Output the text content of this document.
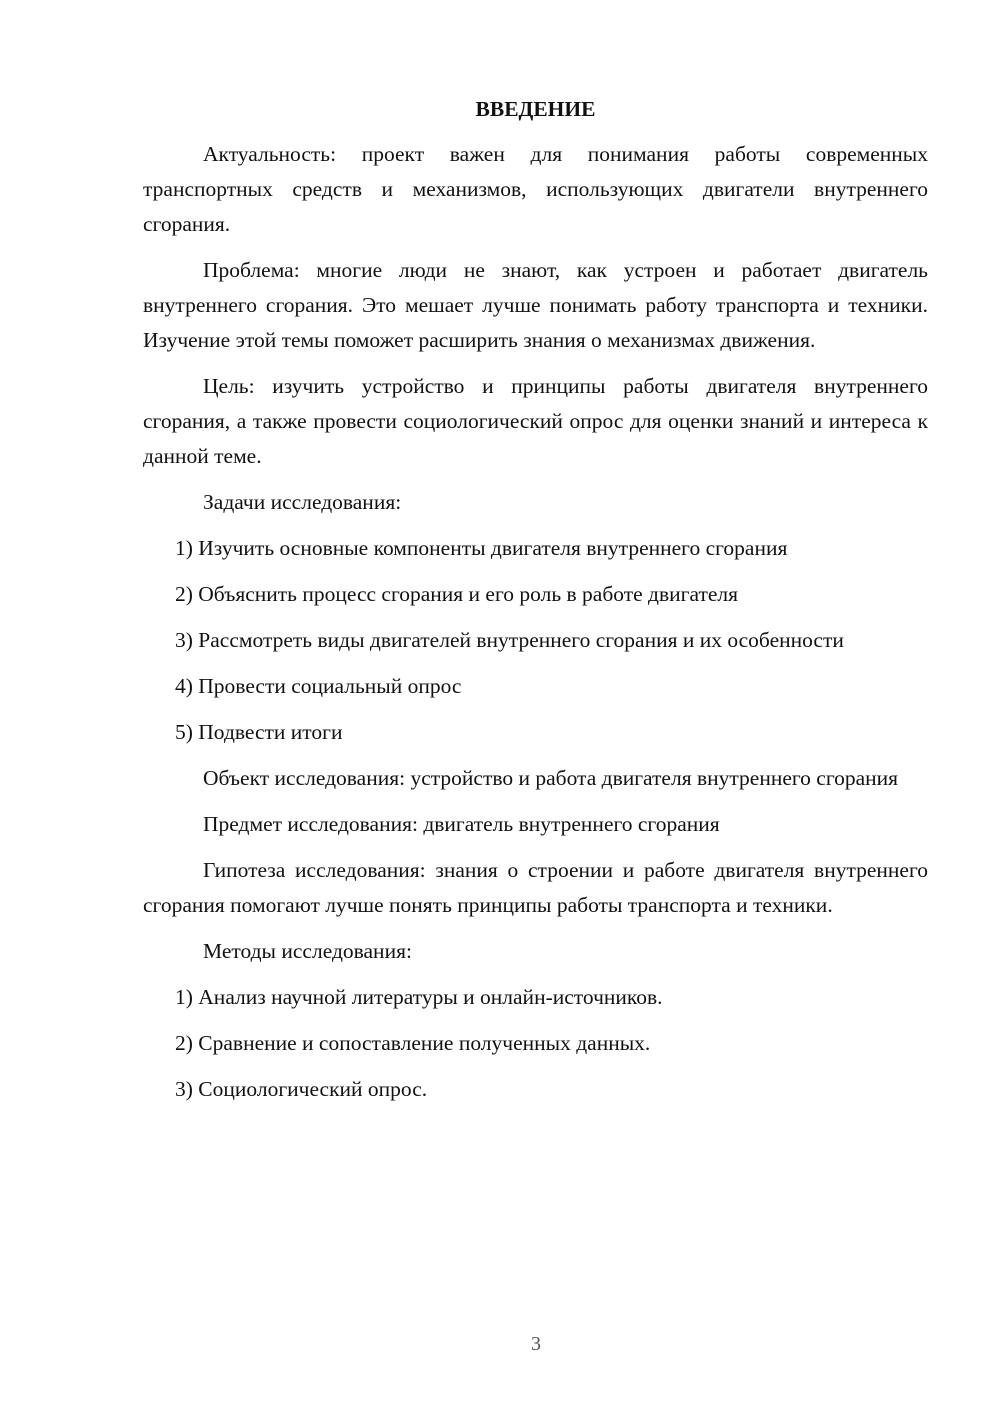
ВВЕДЕНИЕ

Актуальность: проект важен для понимания работы современных транспортных средств и механизмов, использующих двигатели внутреннего сгорания.

Проблема: многие люди не знают, как устроен и работает двигатель внутреннего сгорания. Это мешает лучше понимать работу транспорта и техники. Изучение этой темы поможет расширить знания о механизмах движения.

Цель: изучить устройство и принципы работы двигателя внутреннего сгорания, а также провести социологический опрос для оценки знаний и интереса к данной теме.

Задачи исследования:

1) Изучить основные компоненты двигателя внутреннего сгорания

2) Объяснить процесс сгорания и его роль в работе двигателя

3) Рассмотреть виды двигателей внутреннего сгорания и их особенности

4) Провести социальный опрос

5) Подвести итоги

Объект исследования: устройство и работа двигателя внутреннего сгорания

Предмет исследования: двигатель внутреннего сгорания

Гипотеза исследования: знания о строении и работе двигателя внутреннего сгорания помогают лучше понять принципы работы транспорта и техники.

Методы исследования:

1) Анализ научной литературы и онлайн-источников.

2) Сравнение и сопоставление полученных данных.

3) Социологический опрос.

3
